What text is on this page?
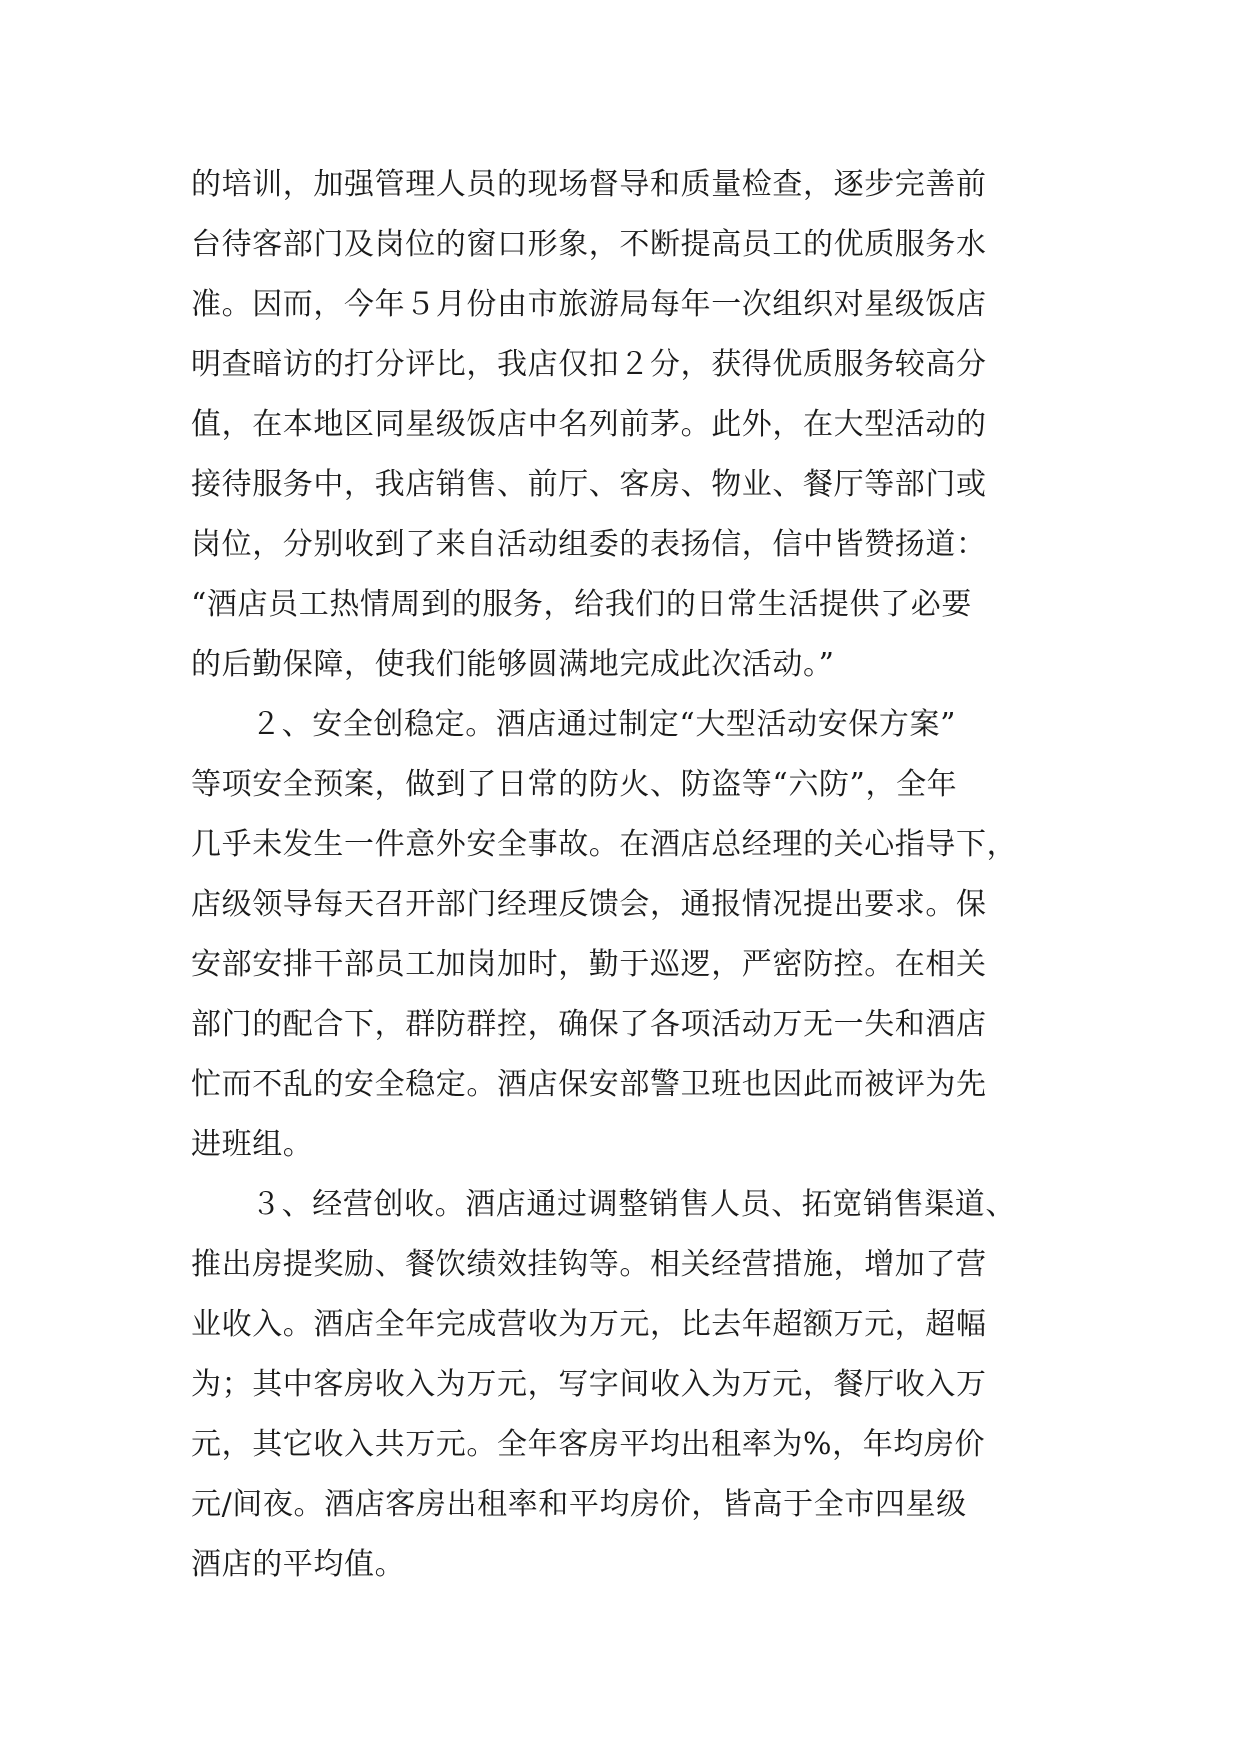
的培训，加强管理人员的现场督导和质量检查，逐步完善前
台待客部门及岗位的窗口形象，不断提高员工的优质服务水
准。因而，今年５月份由市旅游局每年一次组织对星级饭店
明查暗访的打分评比，我店仅扣２分，获得优质服务较高分
值，在本地区同星级饭店中名列前茅。此外，在大型活动的
接待服务中，我店销售、前厅、客房、物业、餐厅等部门或
岗位，分别收到了来自活动组委的表扬信，信中皆赞扬道：
“酒店员工热情周到的服务，给我们的日常生活提供了必要
的后勤保障，使我们能够圆满地完成此次活动。”

２、安全创稳定。酒店通过制定“大型活动安保方案”
等项安全预案，做到了日常的防火、防盗等“六防”，全年
几乎未发生一件意外安全事故。在酒店总经理的关心指导下，
店级领导每天召开部门经理反馈会，通报情况提出要求。保
安部安排干部员工加岗加时，勤于巡逻，严密防控。在相关
部门的配合下，群防群控，确保了各项活动万无一失和酒店
忙而不乱的安全稳定。酒店保安部警卫班也因此而被评为先
进班组。

３、经营创收。酒店通过调整销售人员、拓宽销售渠道、
推出房提奖励、餐饮绩效挂钩等。相关经营措施，增加了营
业收入。酒店全年完成营收为万元，比去年超额万元，超幅
为；其中客房收入为万元，写字间收入为万元，餐厅收入万
元，其它收入共万元。全年客房平均出租率为%，年均房价
元/间夜。酒店客房出租率和平均房价，皆高于全市四星级
酒店的平均值。
